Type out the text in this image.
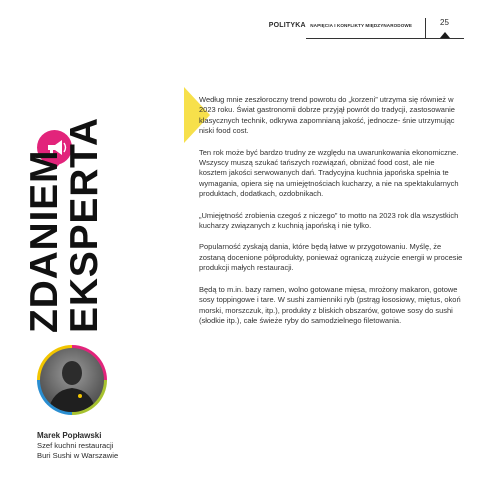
POLITYKA NAPIĘCIA I KONFLIKTY MIĘDZYNARODOWE	25
ZDANIEM
EKSPERTA
Marek Popławski
Szef kuchni restauracji
Buri Sushi w Warszawie

Według mnie zeszłoroczny trend powrotu do „korzeni” utrzyma się również w 2023 roku. Świat gastronomii dobrze przyjął powrót do tradycji, zastosowanie klasycznych technik, odkrywa zapomnianą jakość, jednocze- śnie utrzymując niski food cost.

Ten rok może być bardzo trudny ze względu na uwarunkowania ekonomiczne. Wszyscy muszą szukać tańszych rozwiązań, obniżać food cost, ale nie kosztem jakości serwowanych dań. Tradycyjna kuchnia japońska spełnia te wymagania, opiera się na umiejętnościach kucharzy, a nie na spektakularnych produktach, dodatkach, ozdobnikach.

„Umiejętność zrobienia czegoś z niczego” to motto na 2023 rok dla wszystkich kucharzy związanych z kuchnią japońską i nie tylko.

Popularność zyskają dania, które będą łatwe w przygotowaniu. Myślę, że zostaną docenione półprodukty, ponieważ ograniczą zużycie energii w procesie produkcji małych restauracji.

Będą to m.in. bazy ramen, wolno gotowane mięsa, mrożony makaron, gotowe sosy toppingowe i tare. W sushi zamienniki ryb (pstrąg łososiowy, miętus, okoń morski, morszczuk, itp.), produkty z bliskich obszarów, gotowe sosy do sushi (słodkie itp.), całe świeże ryby do samodzielnego filetowania.
